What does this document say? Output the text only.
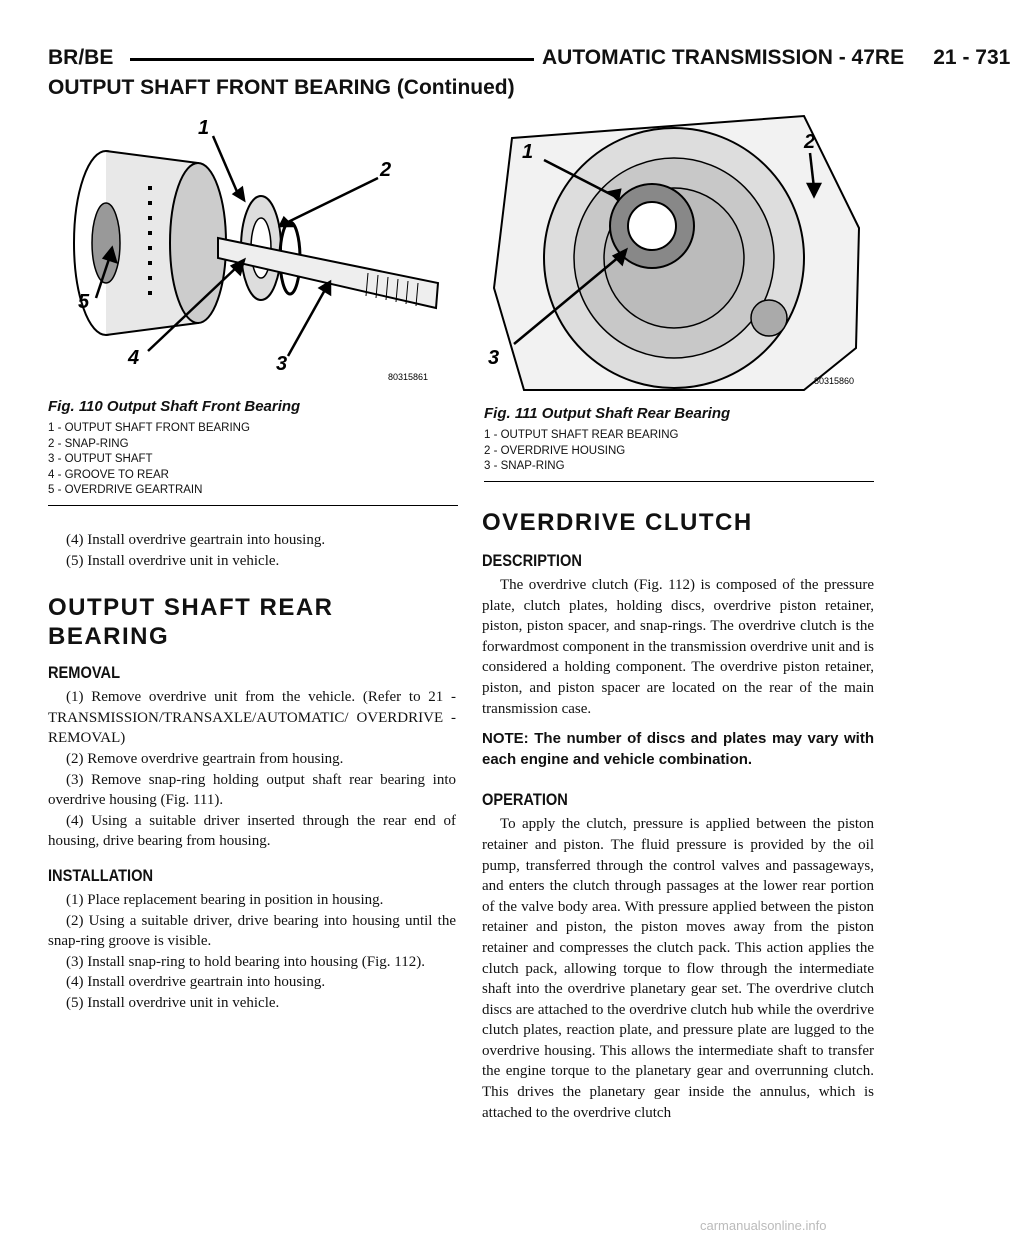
BR/BE	AUTOMATIC TRANSMISSION - 47RE     21 - 731
OUTPUT SHAFT FRONT BEARING (Continued)
1
2
3
4
5
80315861
Fig. 110 Output Shaft Front Bearing
1 - OUTPUT SHAFT FRONT BEARING
2 - SNAP-RING
3 - OUTPUT SHAFT
4 - GROOVE TO REAR
5 - OVERDRIVE GEARTRAIN
1	2
3
80315860
Fig. 111 Output Shaft Rear Bearing
1 - OUTPUT SHAFT REAR BEARING
2 - OVERDRIVE HOUSING
3 - SNAP-RING

(4) Install overdrive geartrain into housing.

(5) Install overdrive unit in vehicle.

OUTPUT SHAFT REAR BEARING
REMOVAL

(1) Remove overdrive unit from the vehicle. (Refer to 21 - TRANSMISSION/TRANSAXLE/AUTOMATIC/ OVERDRIVE - REMOVAL)

(2) Remove overdrive geartrain from housing.

(3) Remove snap-ring holding output shaft rear bearing into overdrive housing (Fig. 111).

(4) Using a suitable driver inserted through the rear end of housing, drive bearing from housing.

INSTALLATION

(1) Place replacement bearing in position in housing.

(2) Using a suitable driver, drive bearing into housing until the snap-ring groove is visible.

(3) Install snap-ring to hold bearing into housing (Fig. 112).

(4) Install overdrive geartrain into housing.

(5) Install overdrive unit in vehicle.

OVERDRIVE CLUTCH
DESCRIPTION

The overdrive clutch (Fig. 112) is composed of the pressure plate, clutch plates, holding discs, overdrive piston retainer, piston, piston spacer, and snap-rings. The overdrive clutch is the forwardmost component in the transmission overdrive unit and is considered a holding component. The overdrive piston retainer, piston, and piston spacer are located on the rear of the main transmission case.

NOTE: The number of discs and plates may vary with each engine and vehicle combination.

OPERATION

To apply the clutch, pressure is applied between the piston retainer and piston. The fluid pressure is provided by the oil pump, transferred through the control valves and passageways, and enters the clutch through passages at the lower rear portion of the valve body area. With pressure applied between the piston retainer and piston, the piston moves away from the piston retainer and compresses the clutch pack. This action applies the clutch pack, allowing torque to flow through the intermediate shaft into the overdrive planetary gear set. The overdrive clutch discs are attached to the overdrive clutch hub while the overdrive clutch plates, reaction plate, and pressure plate are lugged to the overdrive housing. This allows the intermediate shaft to transfer the engine torque to the planetary gear and overrunning clutch. This drives the planetary gear inside the annulus, which is attached to the overdrive clutch

carmanualsonline.info
